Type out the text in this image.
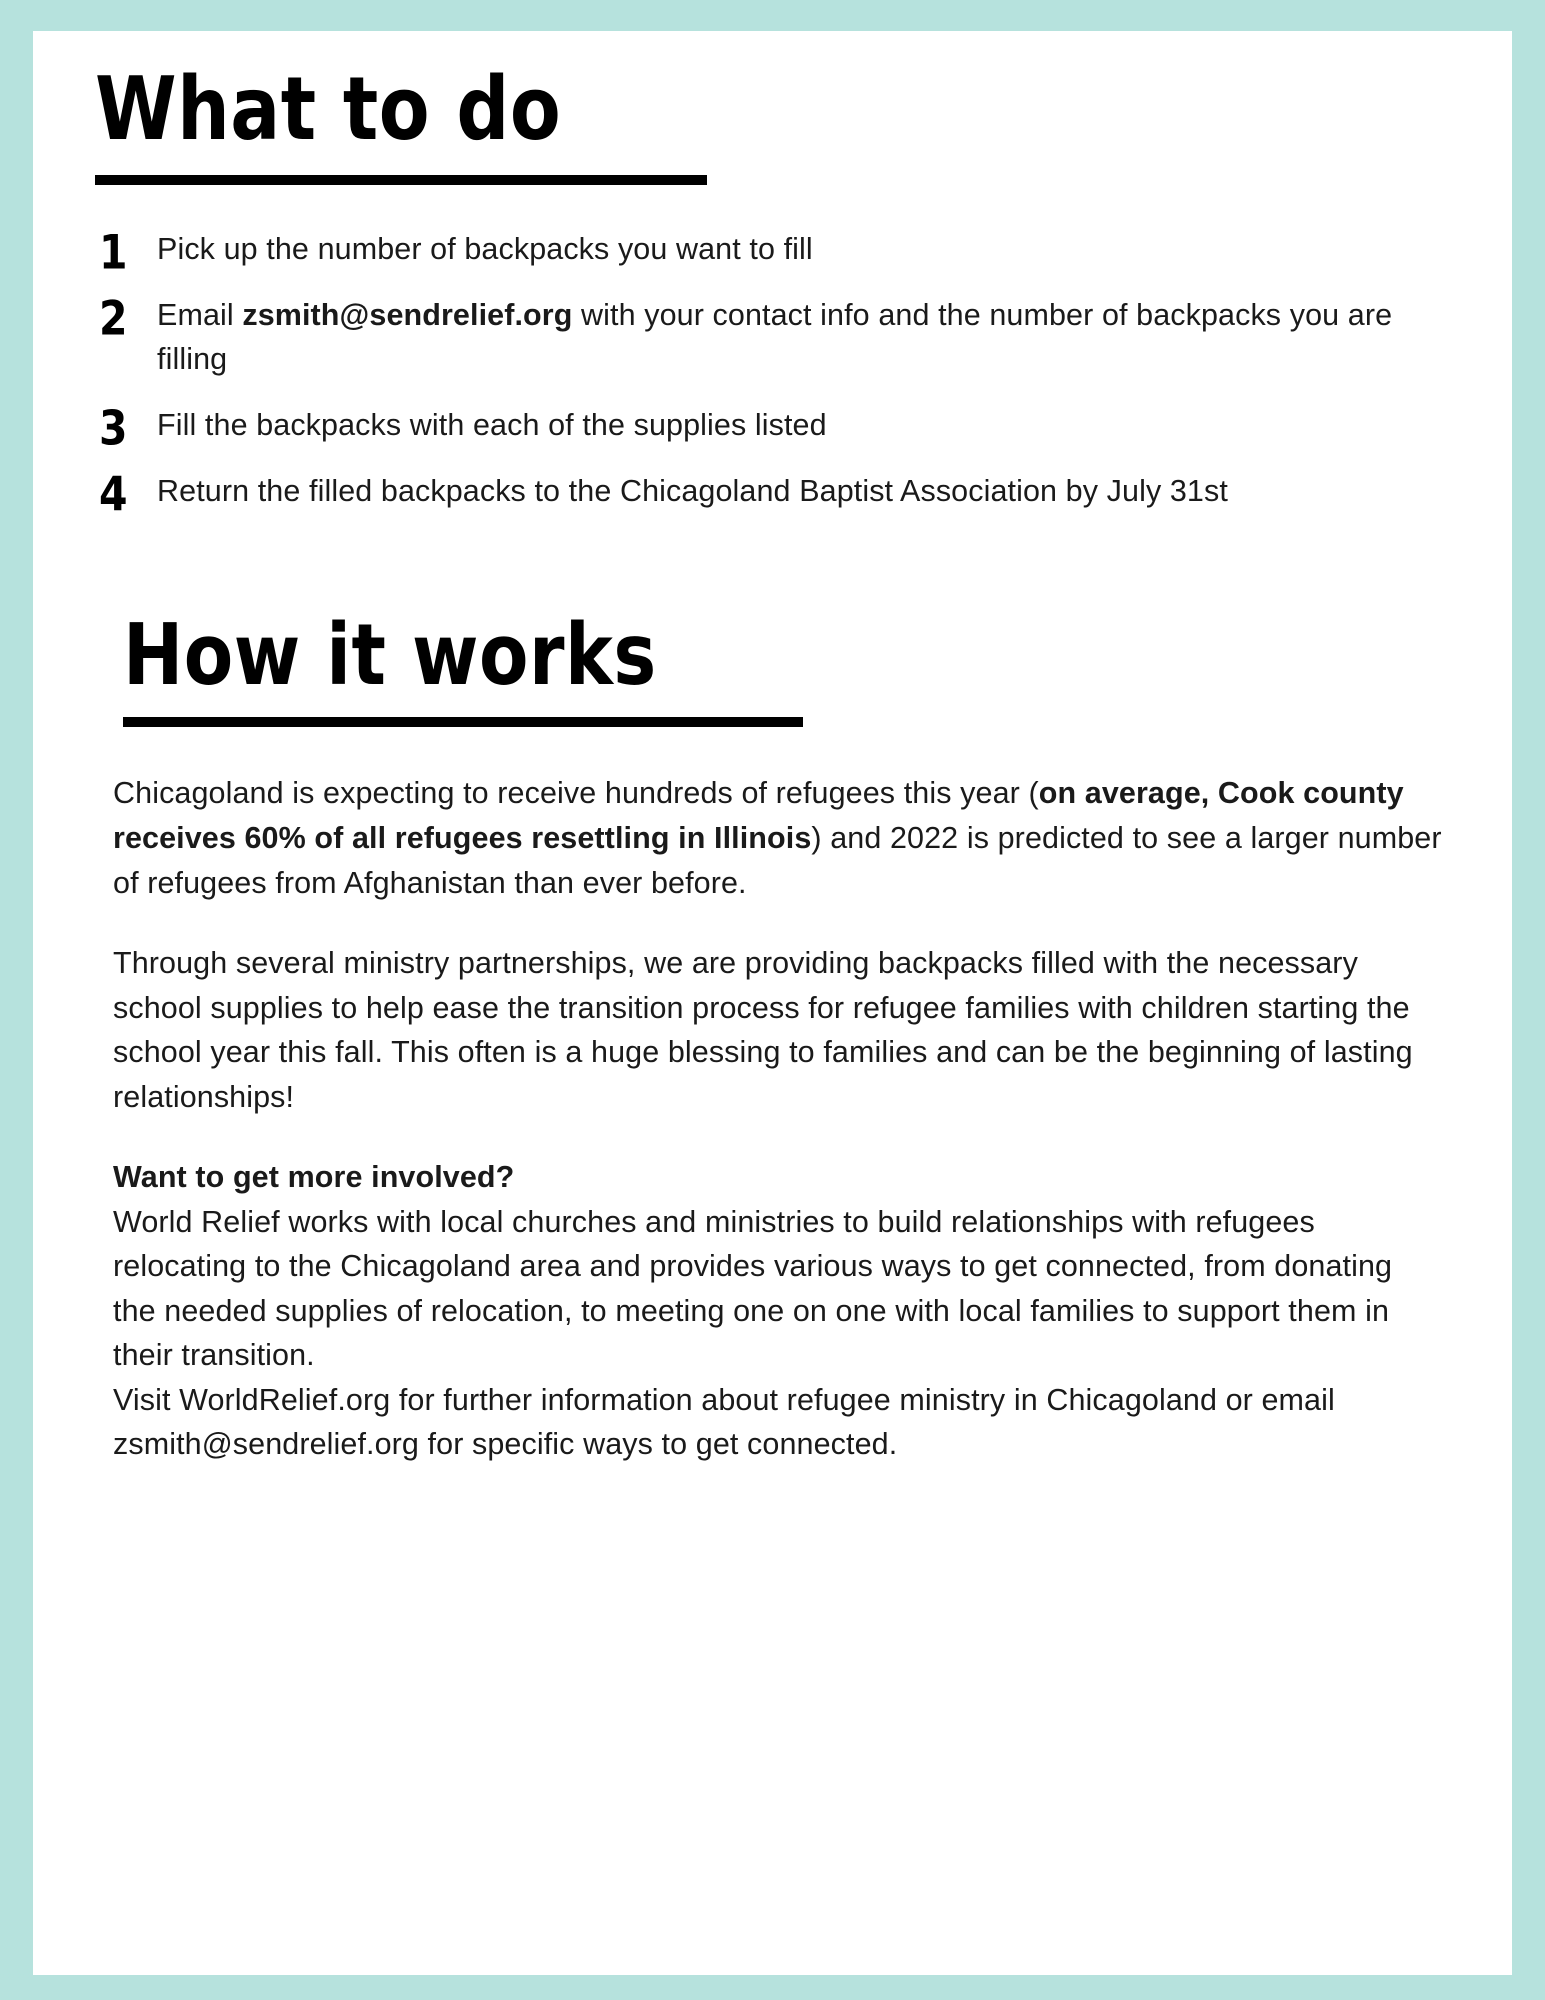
What to do
1 Pick up the number of backpacks you want to fill
2 Email zsmith@sendrelief.org with your contact info and the number of backpacks you are filling
3 Fill the backpacks with each of the supplies listed
4 Return the filled backpacks to the Chicagoland Baptist Association by July 31st
How it works

Chicagoland is expecting to receive hundreds of refugees this year (on average, Cook county receives 60% of all refugees resettling in Illinois) and 2022 is predicted to see a larger number of refugees from Afghanistan than ever before.

Through several ministry partnerships, we are providing backpacks filled with the necessary school supplies to help ease the transition process for refugee families with children starting the school year this fall. This often is a huge blessing to families and can be the beginning of lasting relationships!

Want to get more involved?
World Relief works with local churches and ministries to build relationships with refugees relocating to the Chicagoland area and provides various ways to get connected, from donating the needed supplies of relocation, to meeting one on one with local families to support them in their transition.
Visit WorldRelief.org for further information about refugee ministry in Chicagoland or email zsmith@sendrelief.org for specific ways to get connected.
